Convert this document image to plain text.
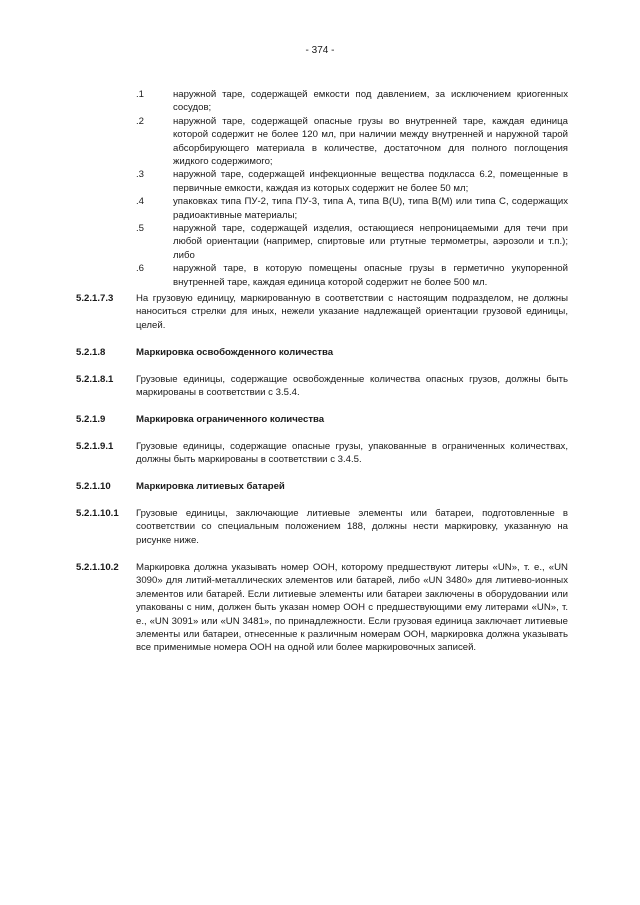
- 374 -
.1	наружной таре, содержащей емкости под давлением, за исключением криогенных сосудов;
.2	наружной таре, содержащей опасные грузы во внутренней таре, каждая единица которой содержит не более 120 мл, при наличии между внутренней и наружной тарой абсорбирующего материала в количестве, достаточном для полного поглощения жидкого содержимого;
.3	наружной таре, содержащей инфекционные вещества подкласса 6.2, помещенные в первичные емкости, каждая из которых содержит не более 50 мл;
.4	упаковках типа ПУ-2, типа ПУ-3, типа A, типа B(U), типа B(M) или типа C, содержащих радиоактивные материалы;
.5	наружной таре, содержащей изделия, остающиеся непроницаемыми для течи при любой ориентации (например, спиртовые или ртутные термометры, аэрозоли и т.п.); либо
.6	наружной таре, в которую помещены опасные грузы в герметично укупоренной внутренней таре, каждая единица которой содержит не более 500 мл.
5.2.1.7.3	На грузовую единицу, маркированную в соответствии с настоящим подразделом, не должны наноситься стрелки для иных, нежели указание надлежащей ориентации грузовой единицы, целей.
5.2.1.8	Маркировка освобожденного количества
5.2.1.8.1	Грузовые единицы, содержащие освобожденные количества опасных грузов, должны быть маркированы в соответствии с 3.5.4.
5.2.1.9	Маркировка ограниченного количества
5.2.1.9.1	Грузовые единицы, содержащие опасные грузы, упакованные в ограниченных количествах, должны быть маркированы в соответствии с 3.4.5.
5.2.1.10	Маркировка литиевых батарей
5.2.1.10.1	Грузовые единицы, заключающие литиевые элементы или батареи, подготовленные в соответствии со специальным положением 188, должны нести маркировку, указанную на рисунке ниже.
5.2.1.10.2	Маркировка должна указывать номер ООН, которому предшествуют литеры «UN», т. е., «UN 3090» для литий-металлических элементов или батарей, либо «UN 3480» для литиево-ионных элементов или батарей. Если литиевые элементы или батареи заключены в оборудовании или упакованы с ним, должен быть указан номер ООН с предшествующими ему литерами «UN», т. е., «UN 3091» или «UN 3481», по принадлежности. Если грузовая единица заключает литиевые элементы или батареи, отнесенные к различным номерам ООН, маркировка должна указывать все применимые номера ООН на одной или более маркировочных записей.
